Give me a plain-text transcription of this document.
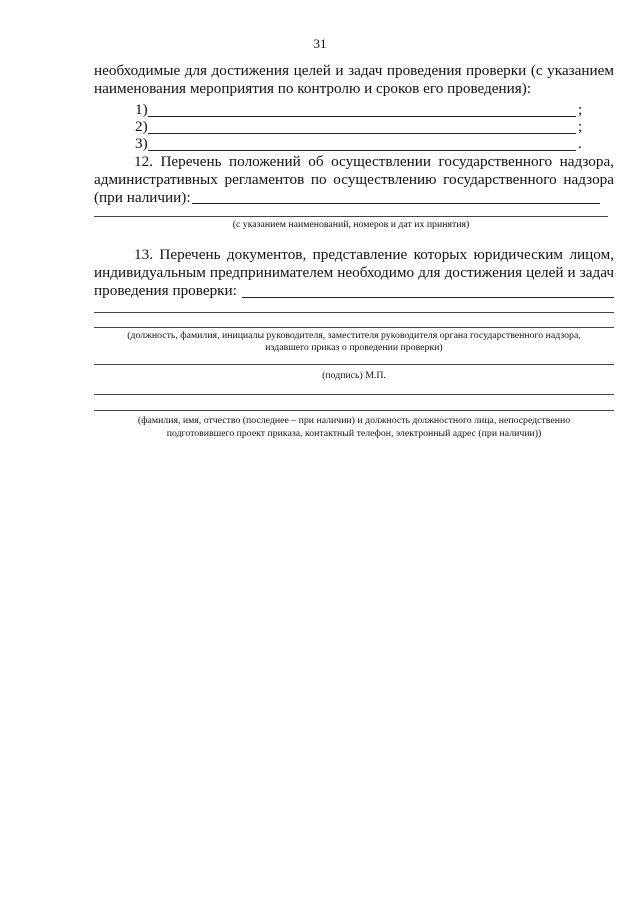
31
необходимые для достижения целей и задач проведения проверки (с указанием
наименования мероприятия по контролю и сроков его проведения):
1)	;
2)	;
3)	.
12. Перечень положений об осуществлении государственного надзора,
административных регламентов по осуществлению государственного надзора
(при наличии):
(с указанием наименований, номеров и дат их принятия)
13. Перечень документов, представление которых юридическим лицом,
индивидуальным предпринимателем необходимо для достижения целей и задач
проведения проверки:
(должность, фамилия, инициалы руководителя, заместителя руководителя органа государственного надзора,
издавшего приказ о проведении проверки)
(подпись) М.П.
(фамилия, имя, отчество (последнее – при наличии) и должность должностного лица, непосредственно
подготовившего проект приказа, контактный телефон, электронный адрес (при наличии))
